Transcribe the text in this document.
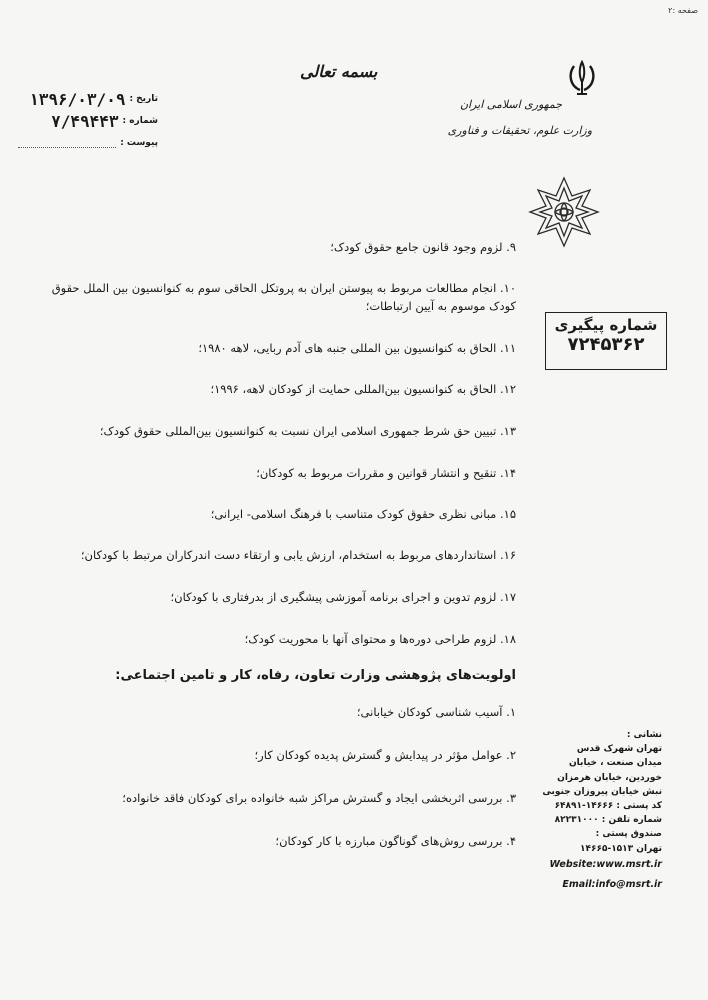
صفحه :۲
بسمه تعالی
تاریخ :
۱۳۹۶/۰۳/۰۹
شماره :
۷/۴۹۴۴۳
پیوست :
جمهوری اسلامی ایران
وزارت علوم، تحقیقات و فناوری
شماره پیگیری
۷۲۴۵۳۶۲
۹. لزوم وجود قانون جامع حقوق کودک؛
۱۰. انجام مطالعات مربوط به پیوستن ایران به پروتکل الحاقی سوم به کنوانسیون بین الملل حقوق کودک موسوم به آیین ارتباطات؛
۱۱. الحاق به کنوانسیون بین المللی جنبه های آدم ربایی، لاهه ۱۹۸۰؛
۱۲. الحاق به کنوانسیون بین‌المللی حمایت از کودکان لاهه، ۱۹۹۶؛
۱۳. تبیین حق شرط جمهوری اسلامی ایران نسبت به کنوانسیون بین‌المللی حقوق کودک؛
۱۴. تنقیح و انتشار قوانین و مقررات مربوط به کودکان؛
۱۵. مبانی نظری حقوق کودک متناسب با فرهنگ اسلامی- ایرانی؛
۱۶. استانداردهای مربوط به استخدام، ارزش یابی و ارتقاء دست اندرکاران مرتبط با کودکان؛
۱۷. لزوم تدوین و اجرای برنامه آموزشی پیشگیری از بدرفتاری با کودکان؛
۱۸. لزوم طراحی دوره‌ها و محتوای آنها با محوریت کودک؛
اولویت‌های پژوهشی وزارت تعاون، رفاه، کار و تامین اجتماعی:
۱. آسیب شناسی کودکان خیابانی؛
۲. عوامل مؤثر در پیدایش و گسترش پدیده کودکان کار؛
۳. بررسی اثربخشی ایجاد و گسترش مراکز شبه خانواده برای کودکان فاقد خانواده؛
۴. بررسی روش‌های گوناگون مبارزه با کار کودکان؛
نشانی :
تهران شهرک قدس
میدان صنعت ، خیابان
خوردین، خیابان هرمزان
نبش خیابان پیروزان جنوبی
کد پستی : ۱۴۶۶۶-۶۴۸۹۱
شماره تلفن : ۸۲۲۳۱۰۰۰
صندوق پستی :
تهران ۱۵۱۳-۱۴۶۶۵
Website:www.msrt.ir
Email:info@msrt.ir
